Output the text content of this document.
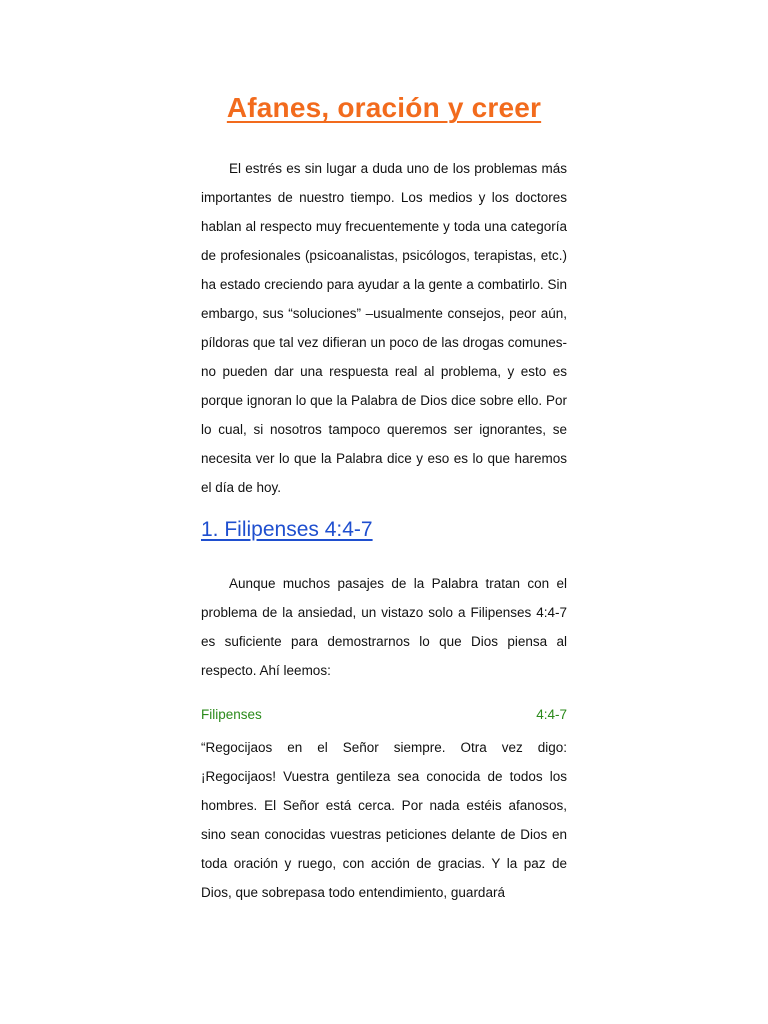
Afanes, oración y creer
El estrés es sin lugar a duda uno de los problemas más importantes de nuestro tiempo. Los medios y los doctores hablan al respecto muy frecuentemente y toda una categoría de profesionales (psicoanalistas, psicólogos, terapistas, etc.) ha estado creciendo para ayudar a la gente a combatirlo. Sin embargo, sus “soluciones” –usualmente consejos, peor aún, píldoras que tal vez difieran un poco de las drogas comunes- no pueden dar una respuesta real al problema, y esto es porque ignoran lo que la Palabra de Dios dice sobre ello. Por lo cual, si nosotros tampoco queremos ser ignorantes, se necesita ver lo que la Palabra dice y eso es lo que haremos el día de hoy.
1. Filipenses 4:4-7
Aunque muchos pasajes de la Palabra tratan con el problema de la ansiedad, un vistazo solo a Filipenses 4:4-7 es suficiente para demostrarnos lo que Dios piensa al respecto. Ahí leemos:
Filipenses	4:4-7
“Regocijaos en el Señor siempre. Otra vez digo: ¡Regocijaos! Vuestra gentileza sea conocida de todos los hombres. El Señor está cerca. Por nada estéis afanosos, sino sean conocidas vuestras peticiones delante de Dios en toda oración y ruego, con acción de gracias. Y la paz de Dios, que sobrepasa todo entendimiento, guardará
